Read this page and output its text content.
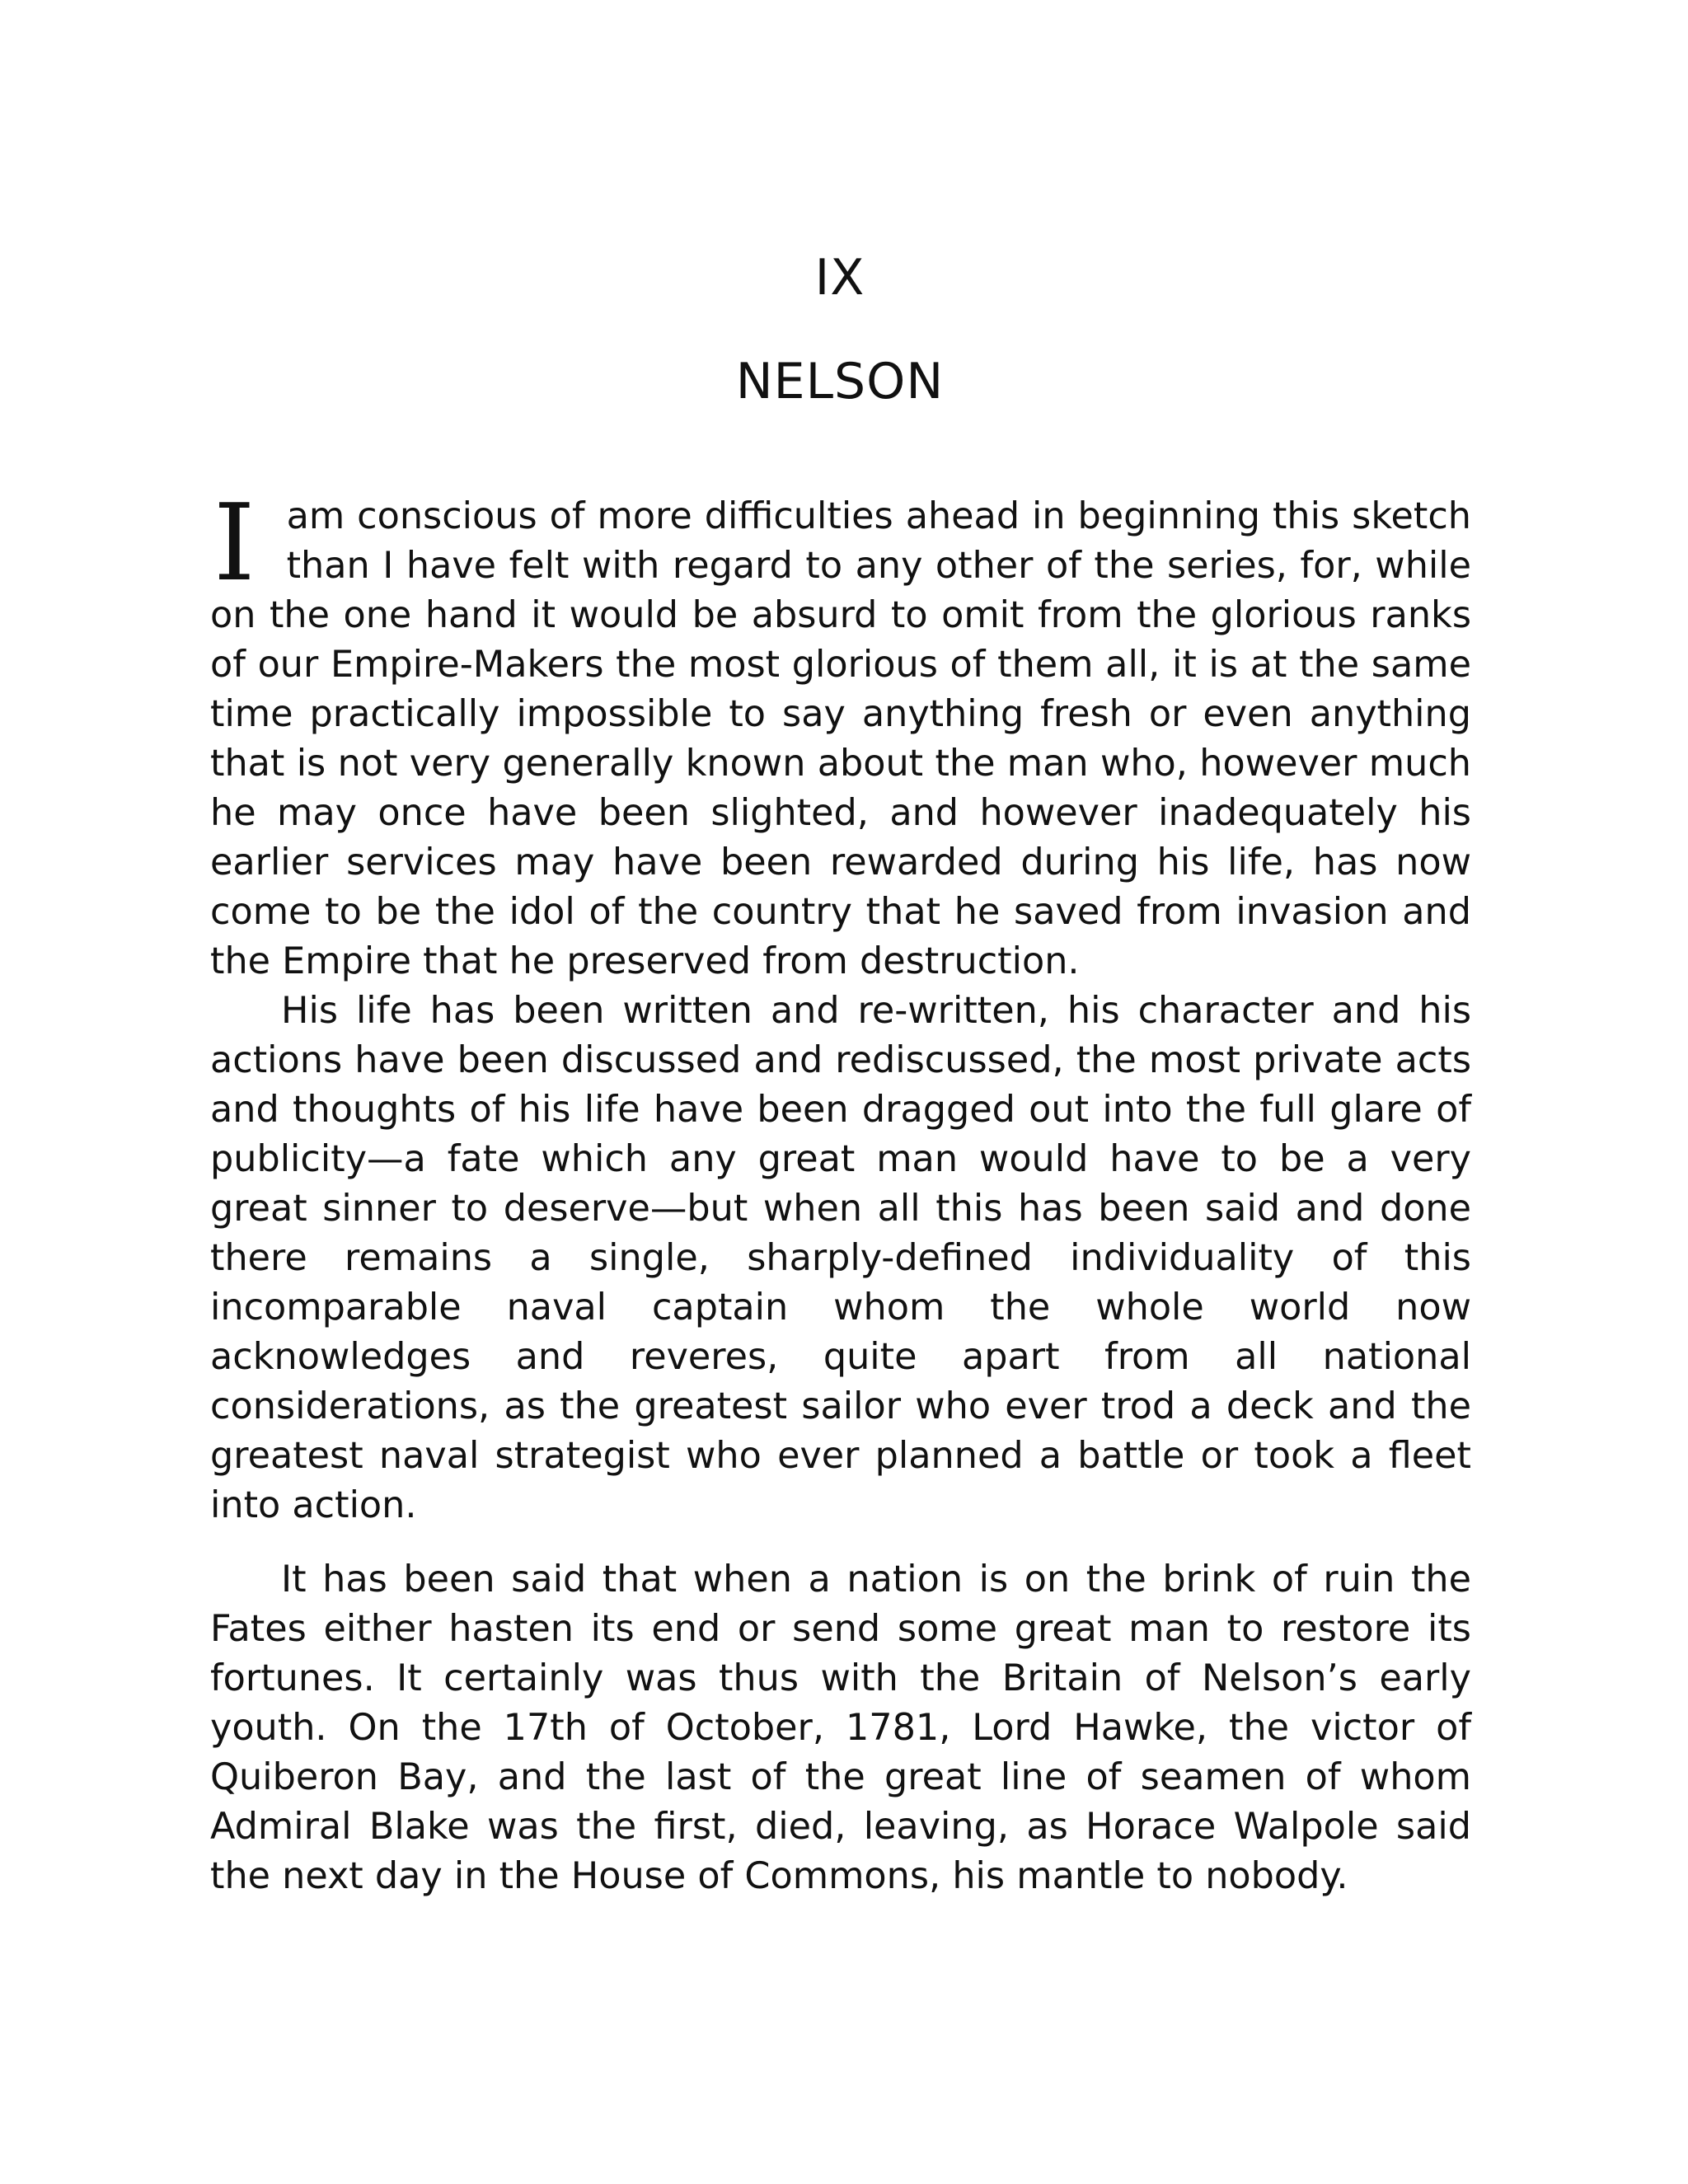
IX
NELSON
I am conscious of more difficulties ahead in beginning this sketch than I have felt with regard to any other of the series, for, while on the one hand it would be absurd to omit from the glorious ranks of our Empire-Makers the most glorious of them all, it is at the same time practically impossible to say anything fresh or even anything that is not very generally known about the man who, however much he may once have been slighted, and however inadequately his earlier services may have been rewarded during his life, has now come to be the idol of the country that he saved from invasion and the Empire that he preserved from destruction.
His life has been written and re-written, his character and his actions have been discussed and rediscussed, the most private acts and thoughts of his life have been dragged out into the full glare of publicity—a fate which any great man would have to be a very great sinner to deserve—but when all this has been said and done there remains a single, sharply-defined individuality of this incomparable naval captain whom the whole world now acknowledges and reveres, quite apart from all national considerations, as the greatest sailor who ever trod a deck and the greatest naval strategist who ever planned a battle or took a fleet into action.
It has been said that when a nation is on the brink of ruin the Fates either hasten its end or send some great man to restore its fortunes. It certainly was thus with the Britain of Nelson’s early youth. On the 17th of October, 1781, Lord Hawke, the victor of Quiberon Bay, and the last of the great line of seamen of whom Admiral Blake was the first, died, leaving, as Horace Walpole said the next day in the House of Commons, his mantle to nobody.
